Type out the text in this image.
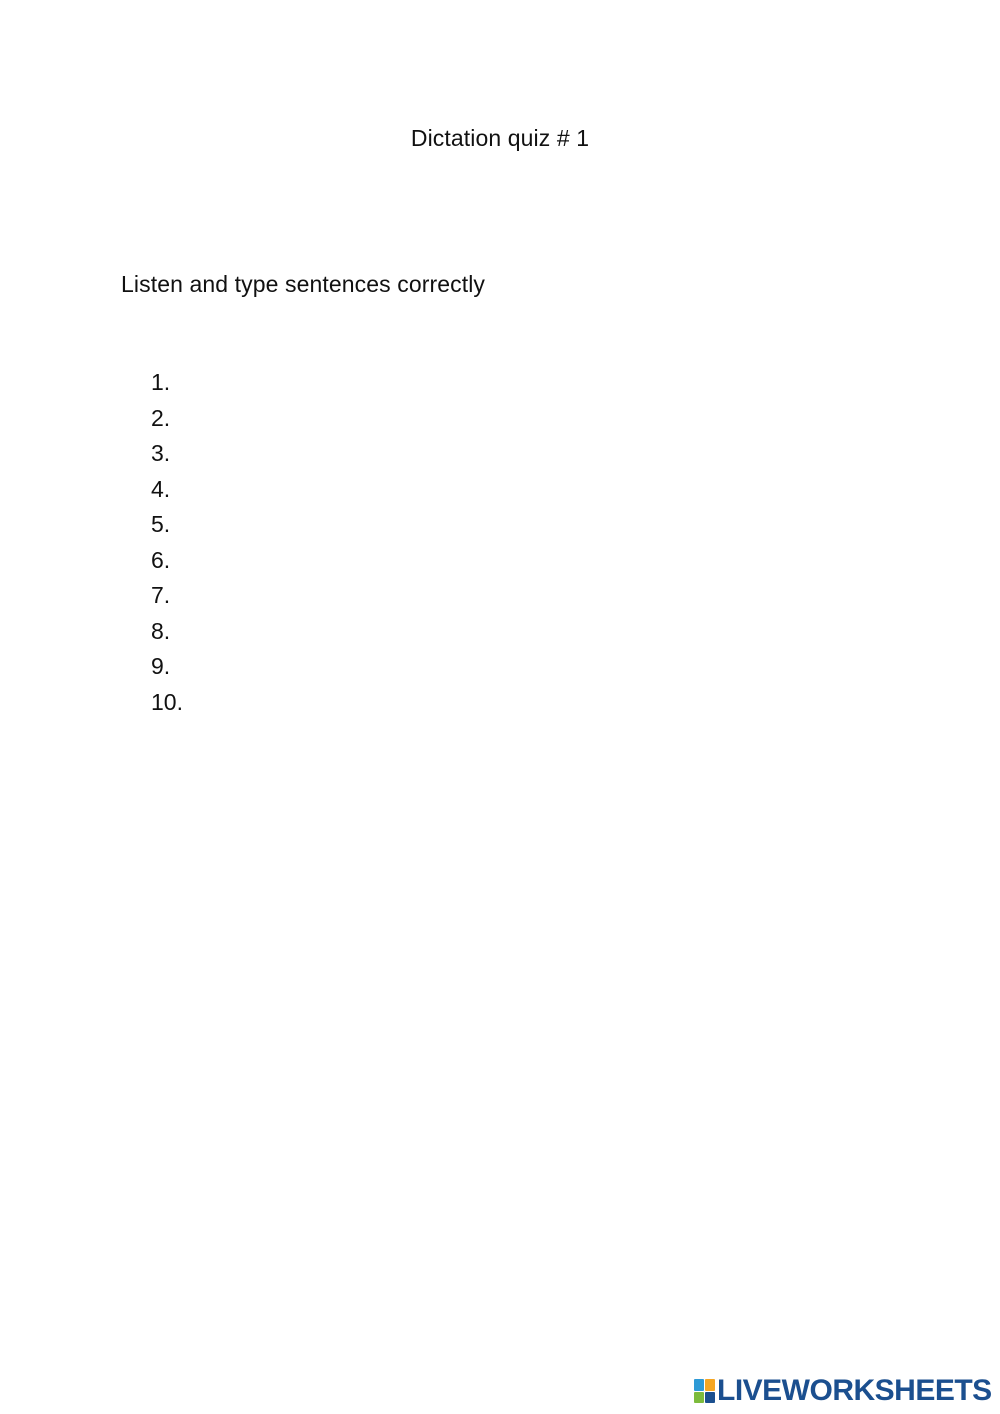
Dictation quiz # 1
Listen and type sentences correctly
1.
2.
3.
4.
5.
6.
7.
8.
9.
10.
LIVEWORKSHEETS
